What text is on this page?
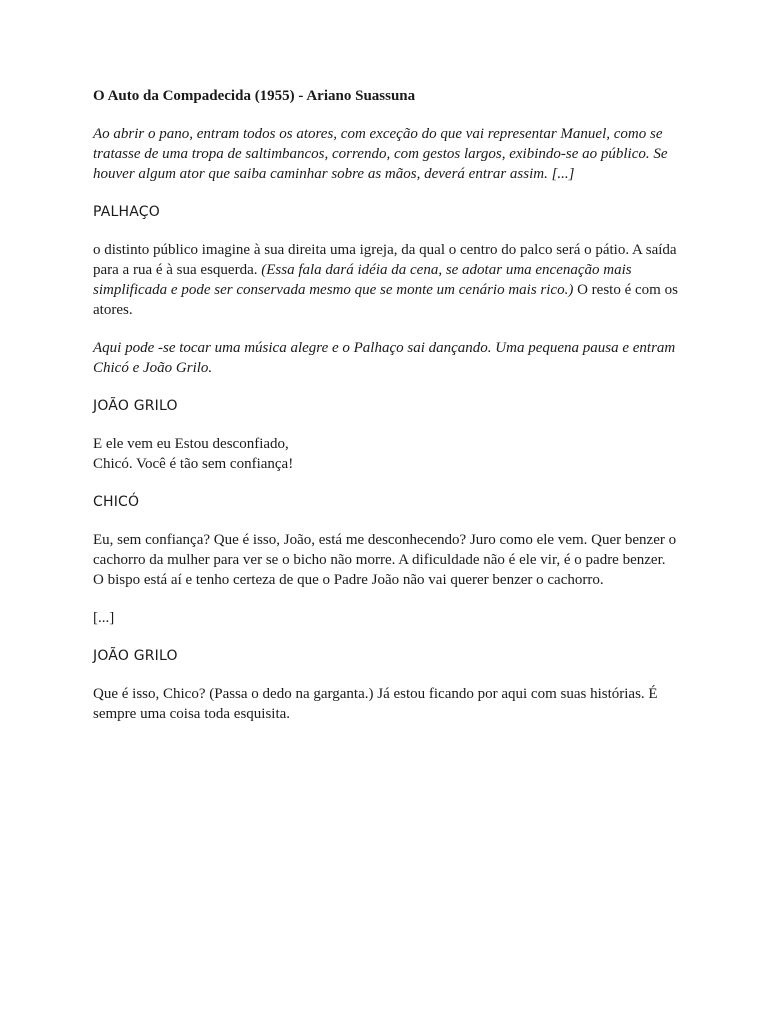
O Auto da Compadecida (1955) - Ariano Suassuna

Ao abrir o pano, entram todos os atores, com exceção do que vai representar Manuel, como se tratasse de uma tropa de saltimbancos, correndo, com gestos largos, exibindo-se ao público. Se houver algum ator que saiba caminhar sobre as mãos, deverá entrar assim. [...]

PALHAÇO

o distinto público imagine à sua direita uma igreja, da qual o centro do palco será o pátio. A saída para a rua é à sua esquerda. (Essa fala dará idéia da cena, se adotar uma encenação mais simplificada e pode ser conservada mesmo que se monte um cenário mais rico.) O resto é com os atores.

Aqui pode -se tocar uma música alegre e o Palhaço sai dançando. Uma pequena pausa e entram Chicó e João Grilo.

JOÃO GRILO

E ele vem eu Estou desconfiado,
Chicó. Você é tão sem confiança!

CHICÓ

Eu, sem confiança? Que é isso, João, está me desconhecendo? Juro como ele vem. Quer benzer o cachorro da mulher para ver se o bicho não morre. A dificuldade não é ele vir, é o padre benzer. O bispo está aí e tenho certeza de que o Padre João não vai querer benzer o cachorro.

[...]

JOÃO GRILO

Que é isso, Chico? (Passa o dedo na garganta.) Já estou ficando por aqui com suas histórias. É sempre uma coisa toda esquisita.
